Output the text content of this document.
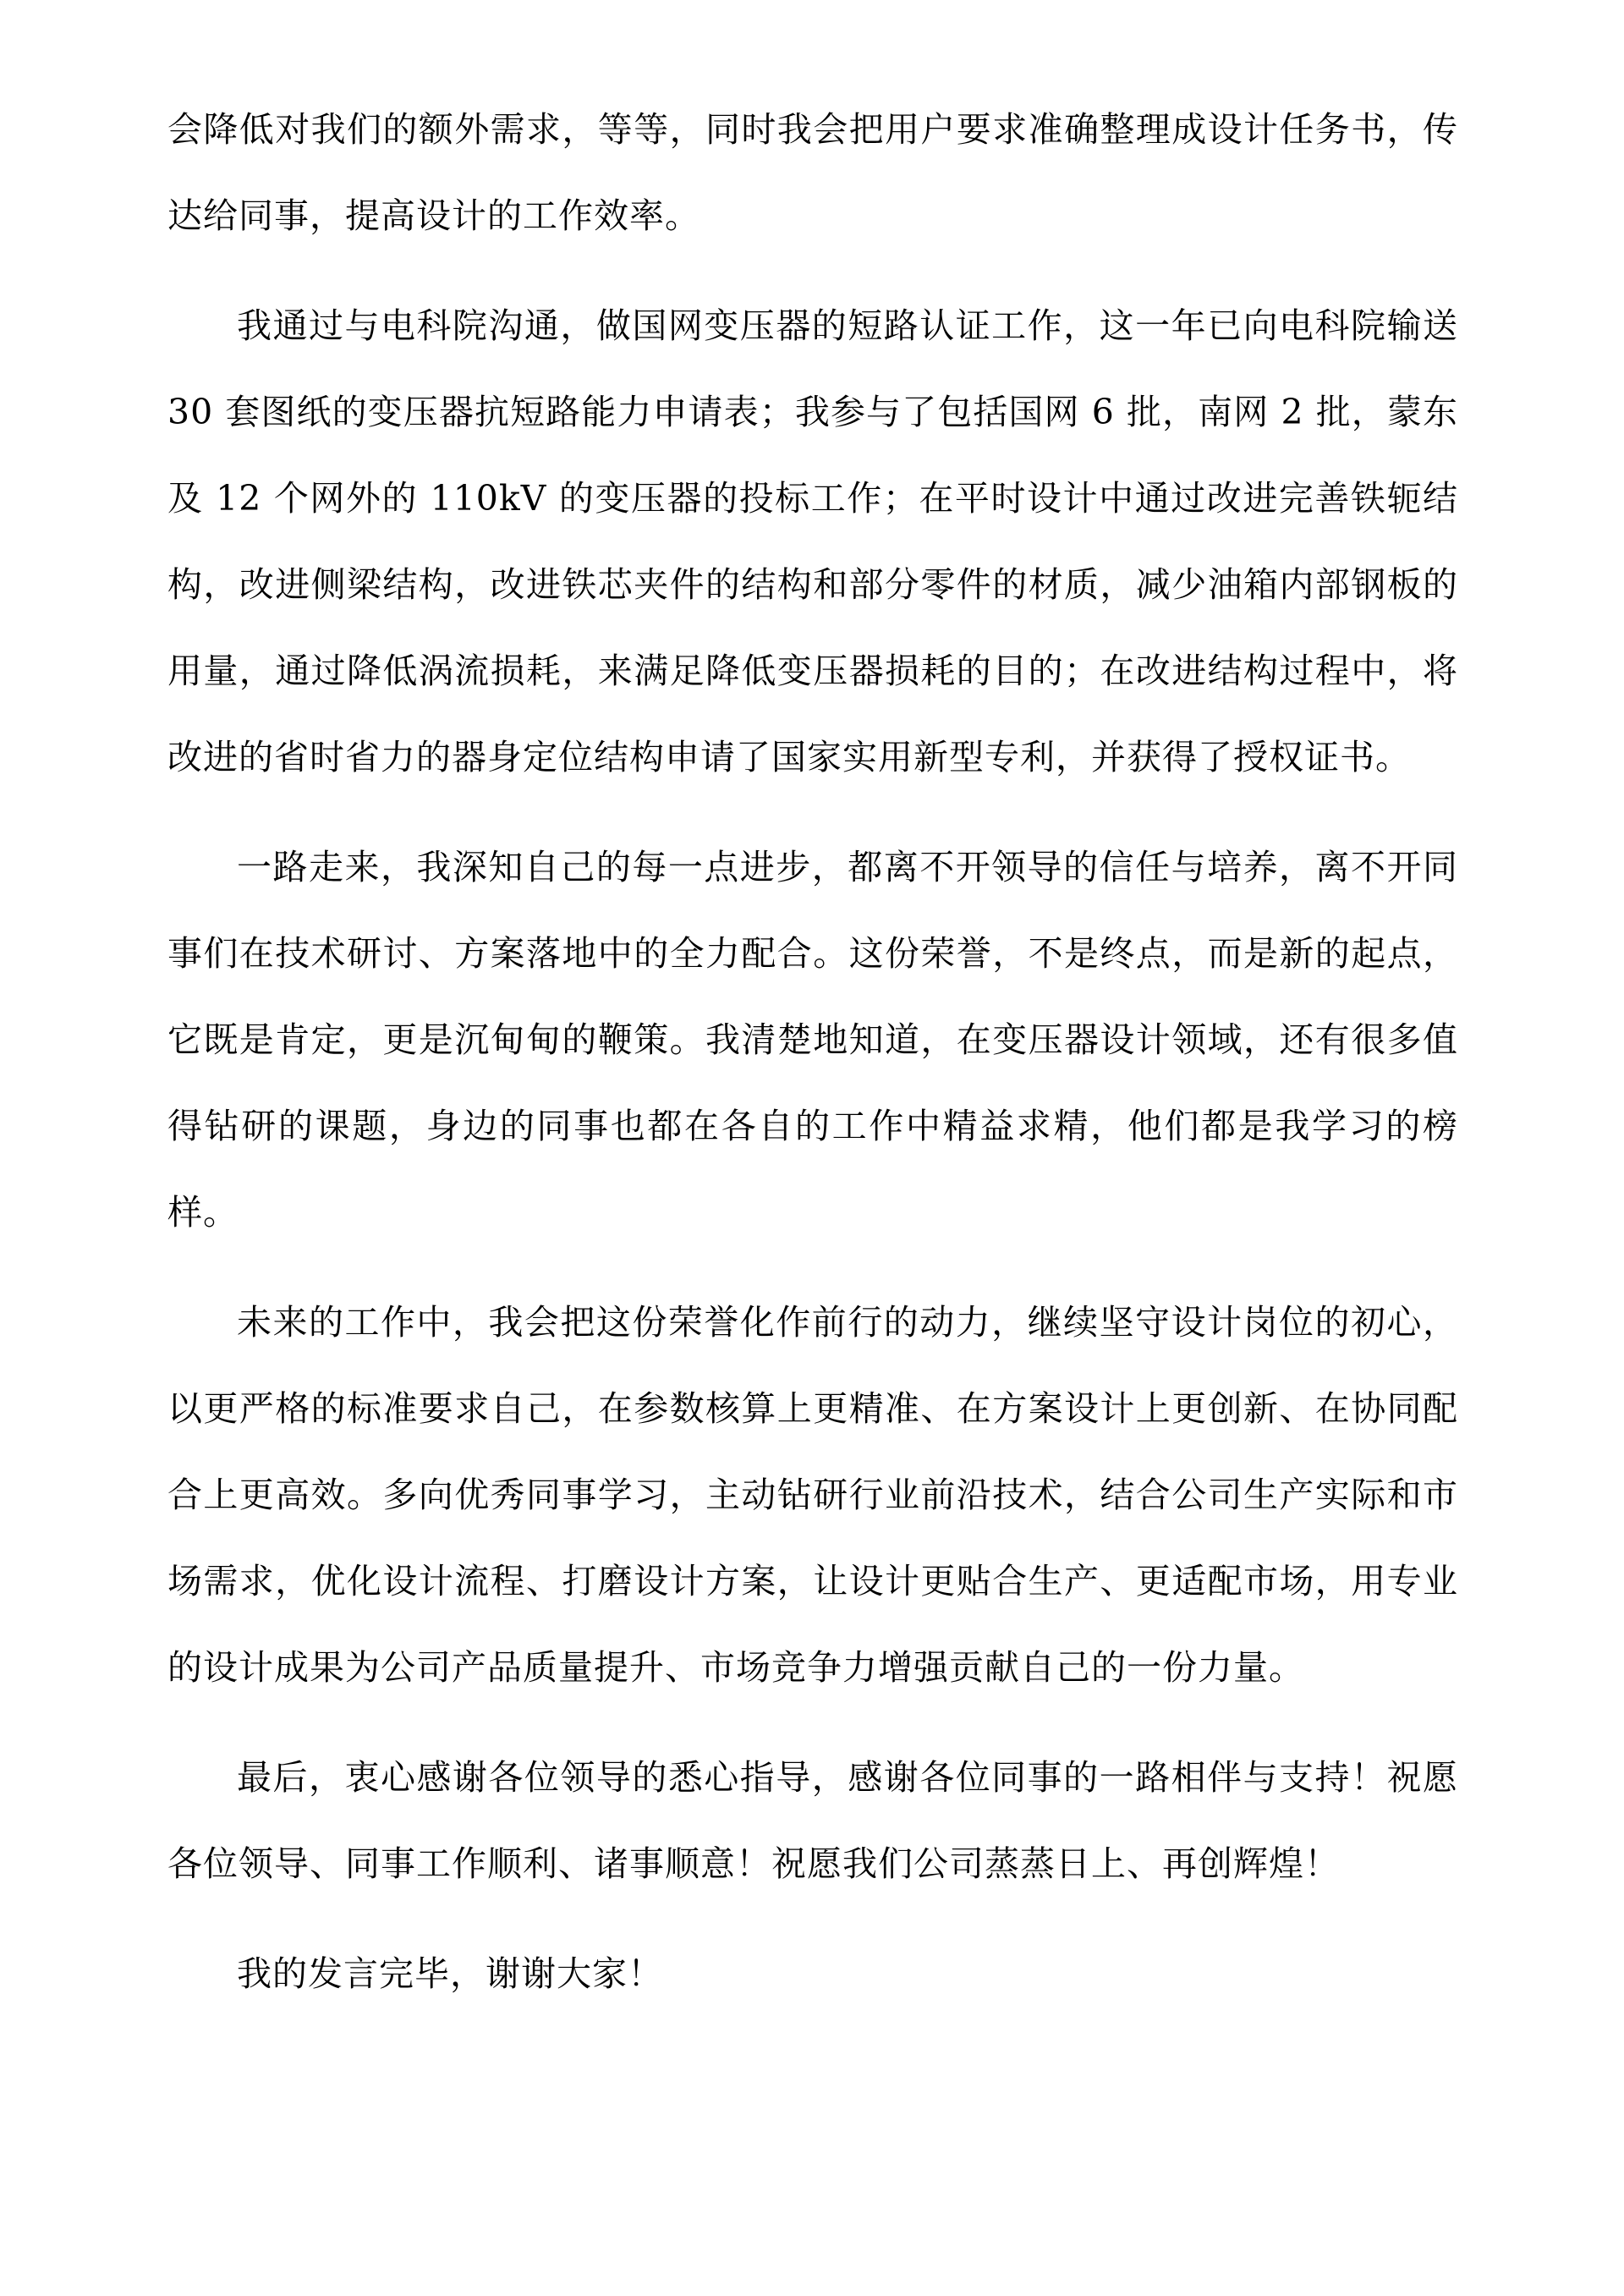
会降低对我们的额外需求，等等，同时我会把用户要求准确整理成设计任务书，传达给同事，提高设计的工作效率。

我通过与电科院沟通，做国网变压器的短路认证工作，这一年已向电科院输送 30 套图纸的变压器抗短路能力申请表；我参与了包括国网 6 批，南网 2 批，蒙东及 12 个网外的 110kV 的变压器的投标工作；在平时设计中通过改进完善铁轭结构，改进侧梁结构，改进铁芯夹件的结构和部分零件的材质，减少油箱内部钢板的用量，通过降低涡流损耗，来满足降低变压器损耗的目的；在改进结构过程中，将改进的省时省力的器身定位结构申请了国家实用新型专利，并获得了授权证书。

一路走来，我深知自己的每一点进步，都离不开领导的信任与培养，离不开同事们在技术研讨、方案落地中的全力配合。这份荣誉，不是终点，而是新的起点，它既是肯定，更是沉甸甸的鞭策。我清楚地知道，在变压器设计领域，还有很多值得钻研的课题，身边的同事也都在各自的工作中精益求精，他们都是我学习的榜样。

未来的工作中，我会把这份荣誉化作前行的动力，继续坚守设计岗位的初心，以更严格的标准要求自己，在参数核算上更精准、在方案设计上更创新、在协同配合上更高效。多向优秀同事学习，主动钻研行业前沿技术，结合公司生产实际和市场需求，优化设计流程、打磨设计方案，让设计更贴合生产、更适配市场，用专业的设计成果为公司产品质量提升、市场竞争力增强贡献自己的一份力量。

最后，衷心感谢各位领导的悉心指导，感谢各位同事的一路相伴与支持！祝愿各位领导、同事工作顺利、诸事顺意！祝愿我们公司蒸蒸日上、再创辉煌！

我的发言完毕，谢谢大家！
